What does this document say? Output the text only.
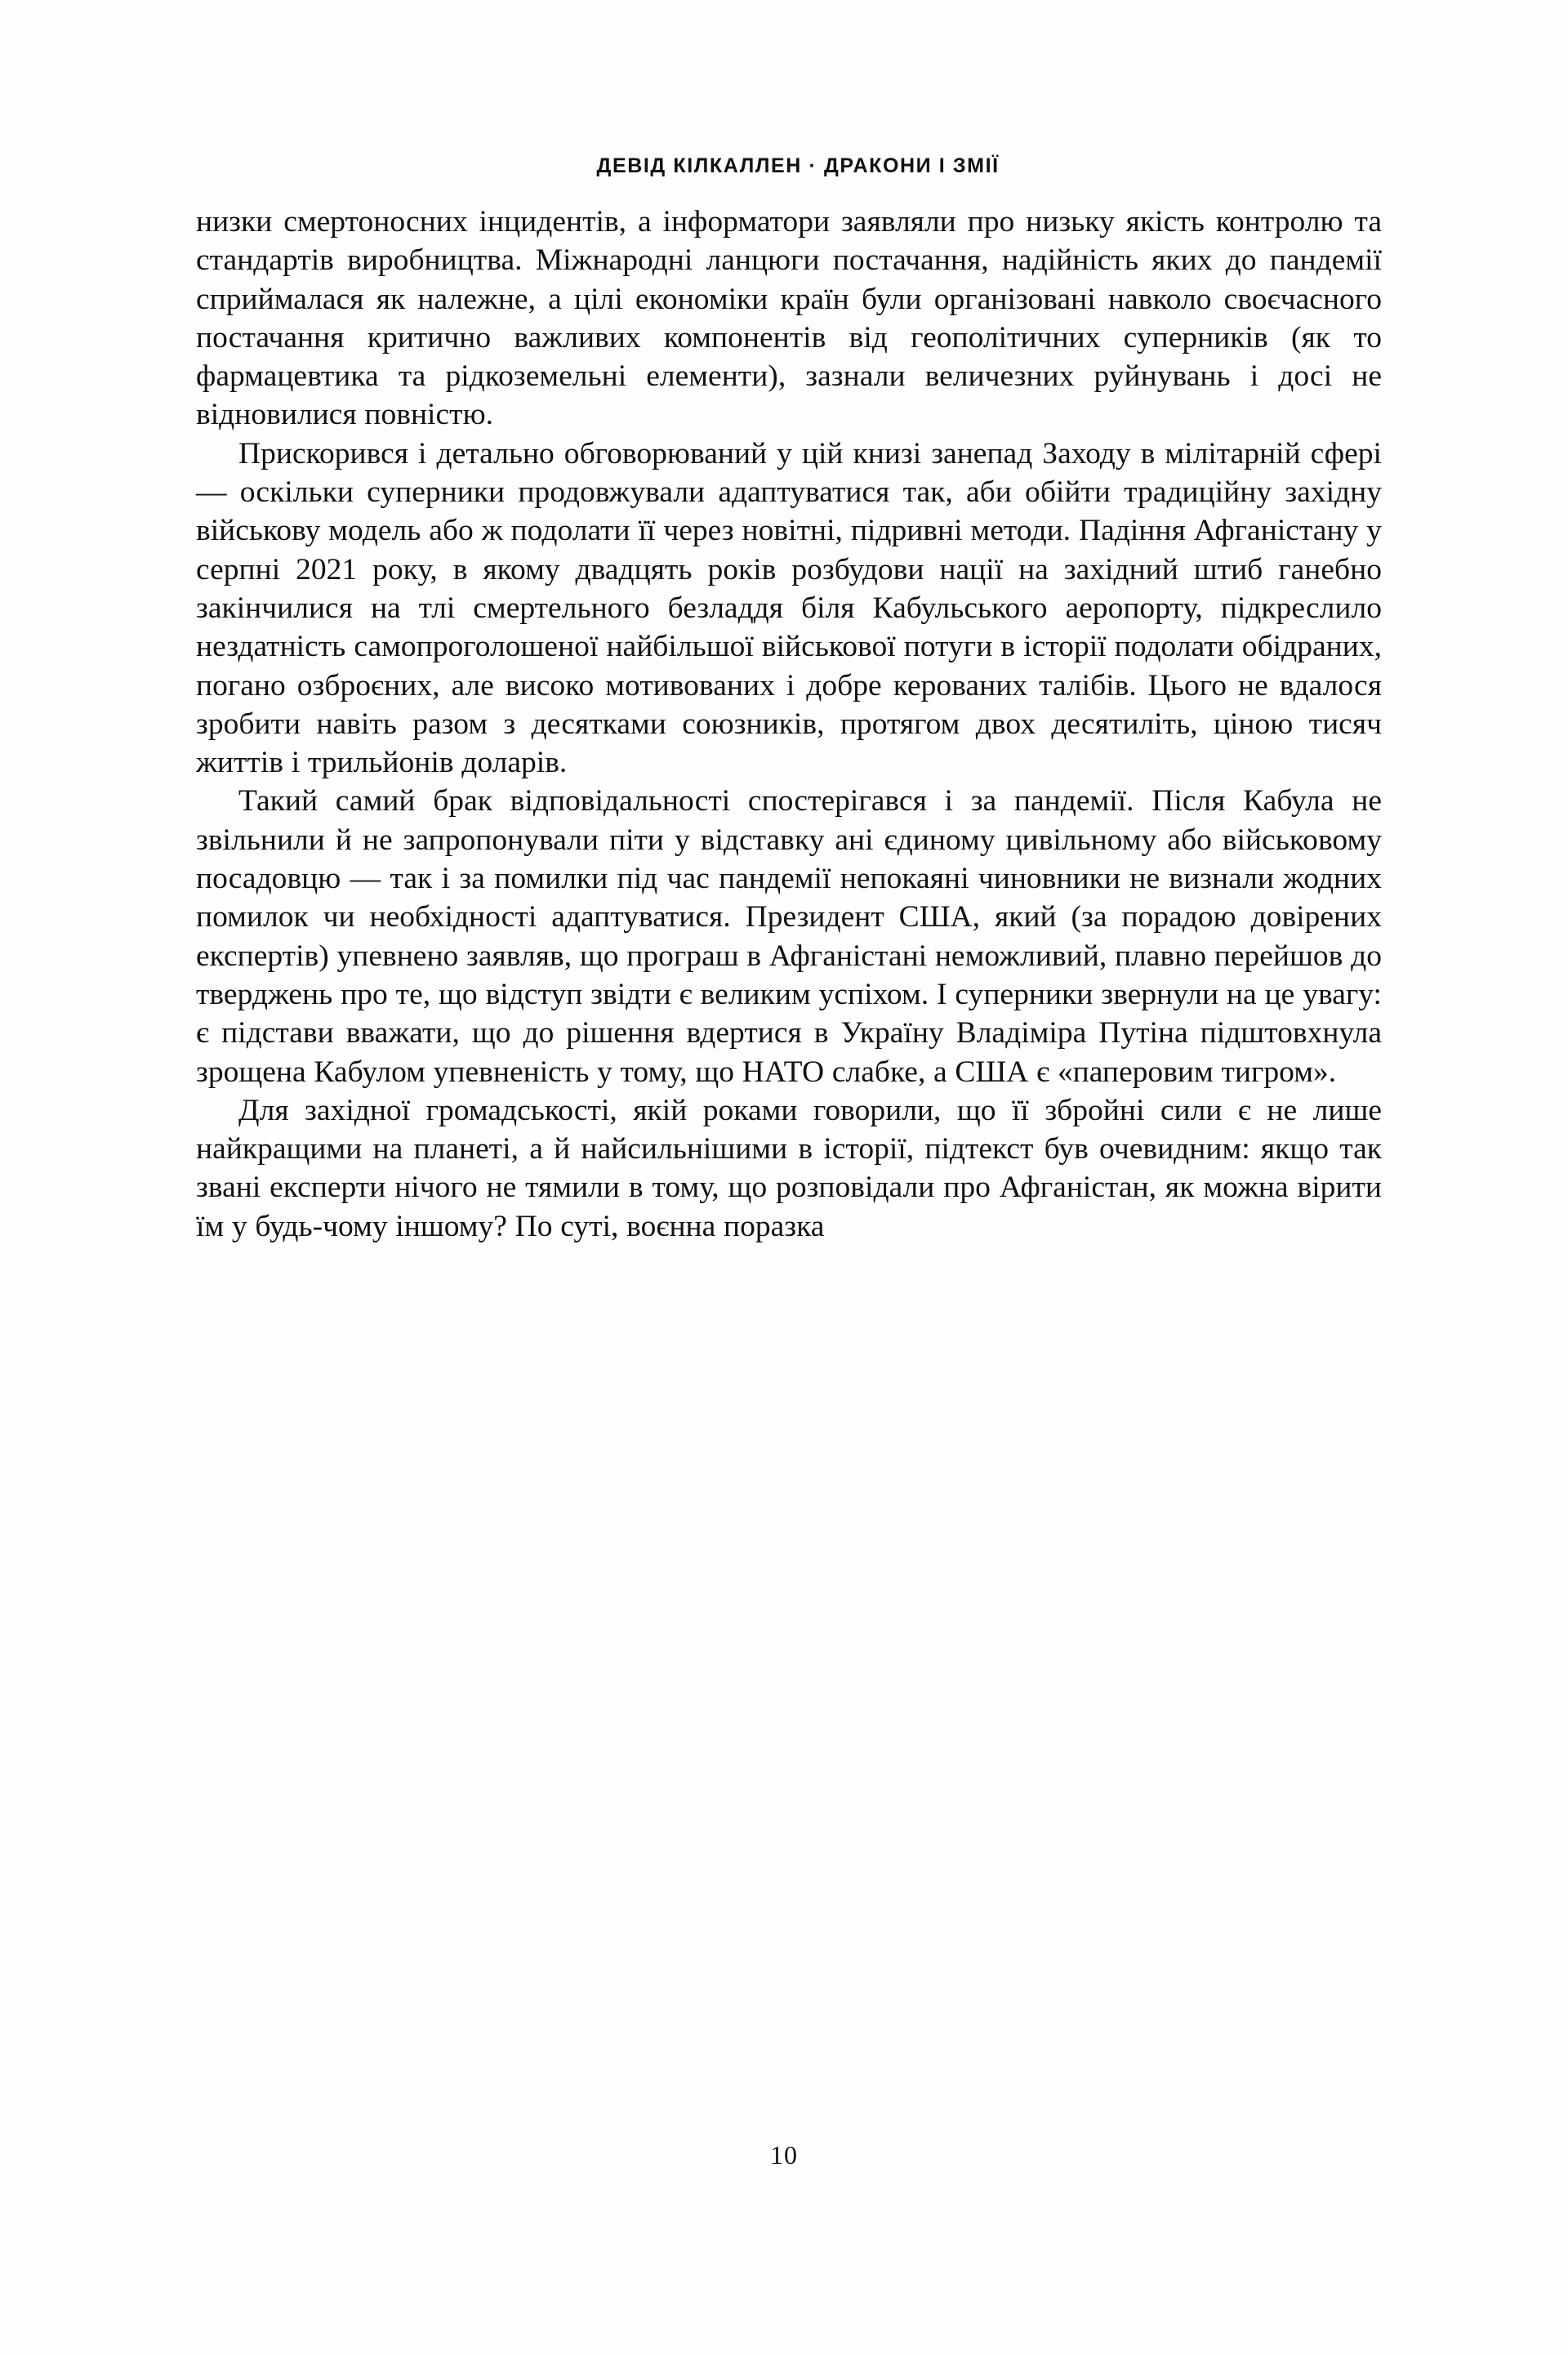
ДЕВІД КІЛКАЛЛЕН · ДРАКОНИ І ЗМІЇ

низки смертоносних інцидентів, а інформатори заявляли про низьку якість контролю та стандартів виробництва. Міжнародні ланцюги постачання, надійність яких до пандемії сприймалася як належне, а цілі економіки країн були організовані навколо своєчасного постачання критично важливих компонентів від геополітичних суперників (як то фармацевтика та рідкоземельні елементи), зазнали величезних руйнувань і досі не відновилися повністю.

Прискорився і детально обговорюваний у цій книзі занепад Заходу в мілітарній сфері — оскільки суперники продовжували адаптуватися так, аби обійти традиційну західну військову модель або ж подолати її через новітні, підривні методи. Падіння Афганістану у серпні 2021 року, в якому двадцять років розбудови нації на західний штиб ганебно закінчилися на тлі смертельного безладдя біля Кабульського аеропорту, підкреслило нездатність самопроголошеної найбільшої військової потуги в історії подолати обідраних, погано озброєних, але високо мотивованих і добре керованих талібів. Цього не вдалося зробити навіть разом з десятками союзників, протягом двох десятиліть, ціною тисяч життів і трильйонів доларів.

Такий самий брак відповідальності спостерігався і за пандемії. Після Кабула не звільнили й не запропонували піти у відставку ані єдиному цивільному або військовому посадовцю — так і за помилки під час пандемії непокаяні чиновники не визнали жодних помилок чи необхідності адаптуватися. Президент США, який (за порадою довірених експертів) упевнено заявляв, що програш в Афганістані неможливий, плавно перейшов до тверджень про те, що відступ звідти є великим успіхом. І суперники звернули на це увагу: є підстави вважати, що до рішення вдертися в Україну Владіміра Путіна підштовхнула зрощена Кабулом упевненість у тому, що НАТО слабке, а США є «паперовим тигром».

Для західної громадськості, якій роками говорили, що її збройні сили є не лише найкращими на планеті, а й найсильнішими в історії, підтекст був очевидним: якщо так звані експерти нічого не тямили в тому, що розповідали про Афганістан, як можна вірити їм у будь-чому іншому? По суті, воєнна поразка

10
